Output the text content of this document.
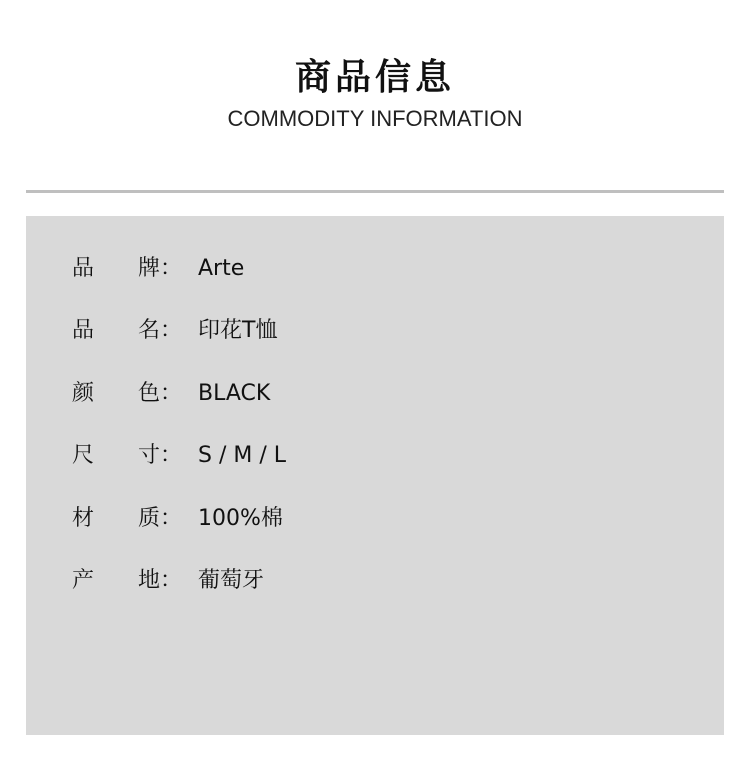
商品信息
COMMODITY INFORMATION
品	牌： Arte
品	名： 印花T恤
颜	色： BLACK
尺	寸： S / M / L
材	质： 100%棉
产	地： 葡萄牙
